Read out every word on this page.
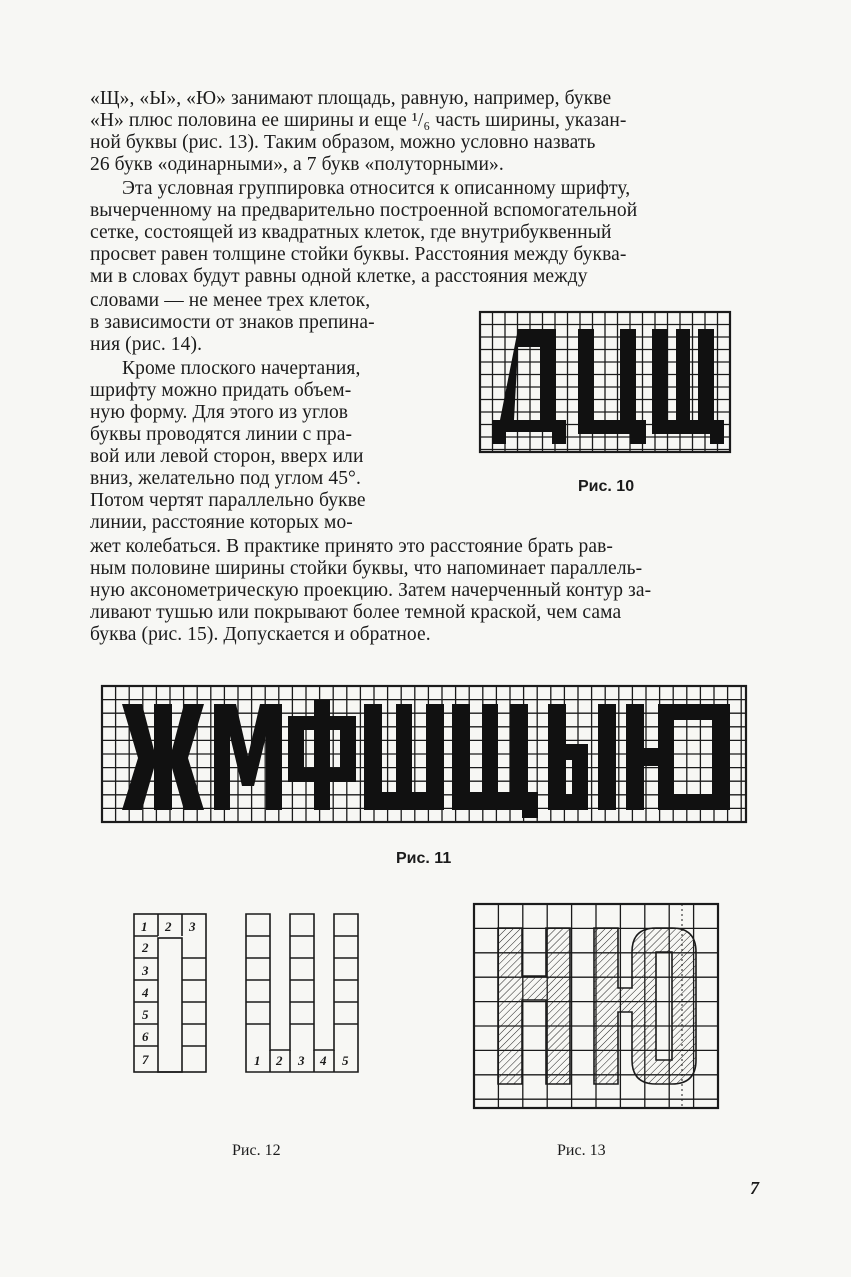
«Щ», «Ы», «Ю» занимают площадь, равную, например, букве
«Н» плюс половина ее ширины и еще ¹/₆ часть ширины, указан-
ной буквы (рис. 13). Таким образом, можно условно назвать
26 букв «одинарными», а 7 букв «полуторными».
Эта условная группировка относится к описанному шрифту,
вычерченному на предварительно построенной вспомогательной
сетке, состоящей из квадратных клеток, где внутрибуквенный
просвет равен толщине стойки буквы. Расстояния между буква-
ми в словах будут равны одной клетке, а расстояния между
словами — не менее трех клеток,
в зависимости от знаков препина-
ния (рис. 14).
Кроме плоского начертания,
шрифту можно придать объем-
ную форму. Для этого из углов
буквы проводятся линии с пра-
вой или левой сторон, вверх или
вниз, желательно под углом 45°.
Потом чертят параллельно букве
линии, расстояние которых мо-
жет колебаться. В практике принято это расстояние брать рав-
ным половине ширины стойки буквы, что напоминает параллель-
ную аксонометрическую проекцию. Затем начерченный контур за-
ливают тушью или покрывают более темной краской, чем сама
буква (рис. 15). Допускается и обратное.
Рис. 10
Рис. 11
1 2 3
2
3
4
5
6
7	1 2 3 4 5
Рис. 12	Рис. 13
7
